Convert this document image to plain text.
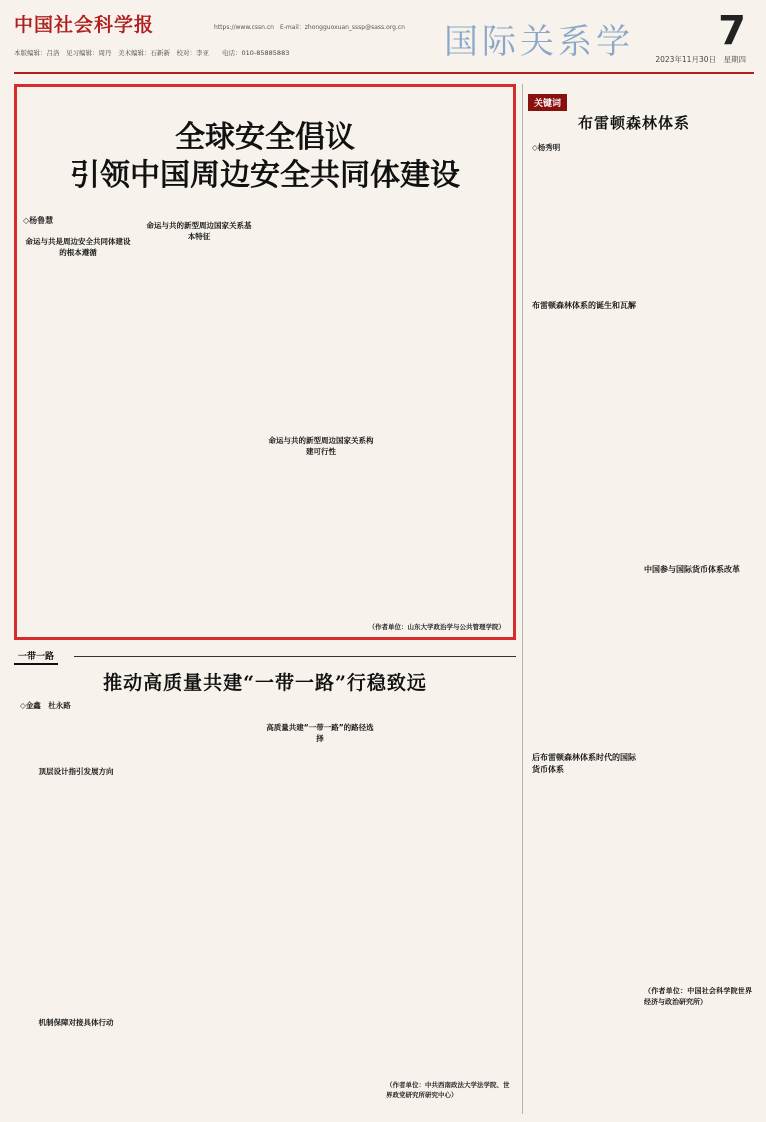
中国社会科学报	https://www.cssn.cn　E-mail：zhongguoxuan_sssp@sass.org.cn
本版编辑：吕洛　见习编辑：周丹　美术编辑：石新新　校对：李亚　　电话：010-85885883	国际关系学 7
2023年11月30日　星期四
全球安全倡议
引领中国周边安全共同体建设
◇杨鲁慧
命运与共是周边安全共同体建设的根本遵循
命运与共的新型周边国家关系基本特征
命运与共的新型周边国家关系构建可行性
（作者单位：山东大学政治学与公共管理学院）
关键词
布雷顿森林体系
◇杨秀明
布雷顿森林体系的诞生和瓦解
后布雷顿森林体系时代的国际货币体系
中国参与国际货币体系改革
（作者单位：中国社会科学院世界经济与政治研究所）
一带一路
推动高质量共建“一带一路”行稳致远
◇金鑫　杜永路
顶层设计指引发展方向
机制保障对接具体行动
高质量共建“一带一路”的路径选择
（作者单位：中共西南政法大学法学院、世界政党研究所研究中心）
